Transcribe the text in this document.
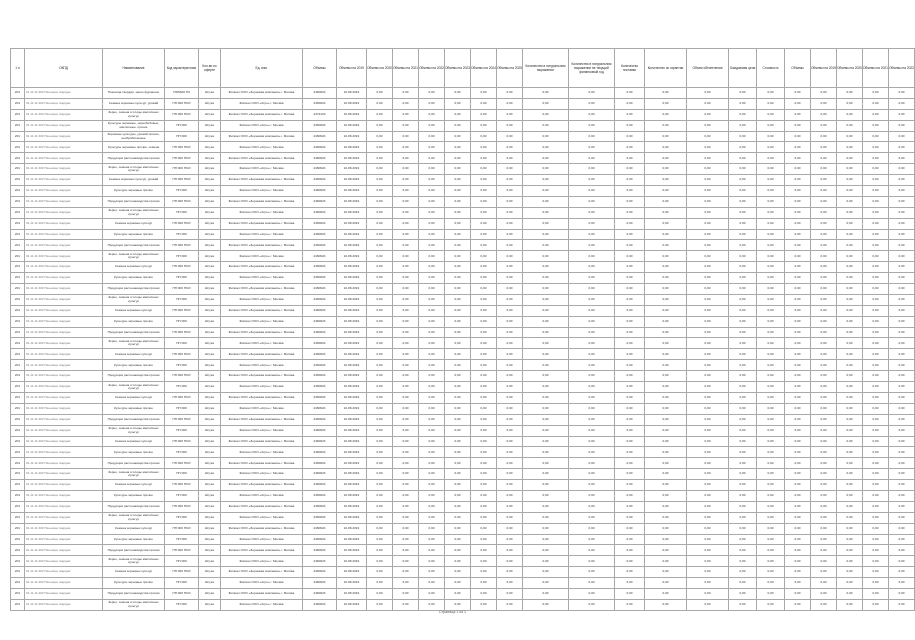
1 п	ОКПД	Наименование	Код характеристики	Кол-во по оферте	Ед. изм.	Объемы	Объемы на 2019	Объемы на 2020	Объемы на 2021	Объемы на 2022	Объемы на 2023	Объемы на 2024	Объемы на 2025	Количество в натуральном выражении	Количество в натуральном выражении на текущий финансовый год	Количество поставки	Количество по гарантии	Объем обеспечения	Ожидаемая цена	Стоимость	Объемы	Объемы на 2019	Объемы на 2020	Объемы на 2021	Объемы на 2022
201	01.11.11.000 Пшеница твердая	Пшеница твердая, зерно фуражное	7005400 ПЧ	Штука	Филиал ООО «Зерновая компания» г. Москва	2460624	10.08.2019	0,00	0,00	0,00	0,00	0,00	0,00	0,00	0,00	0,00	0,00	0,00	0,00	0,00	0,00	0,00	0,00	0,00	0,00
201	01.11.11.000 Пшеница твердая	Семена зерновых культур, урожай	НП 000 ПСИ	Штука	Филиал ООО «Агро» г. Москва	2460624	10.08.2019	0,00	0,00	0,00	0,00	0,00	0,00	0,00	0,00	0,00	0,00	0,00	0,00	0,00	0,00	0,00	0,00	0,00	0,00
201	01.11.11.000 Пшеница твердая	Зерно, семена и плоды масличных культур	НП 000 ПСИ	Штука	Филиал ООО «Зерновая компания» г. Москва	2479120	10.08.2019	0,00	0,00	0,00	0,00	0,00	0,00	0,00	0,00	0,00	0,00	0,00	0,00	0,00	0,00	0,00	0,00	0,00	0,00
201	01.11.11.000 Пшеница твердая	Культуры зерновые, зернобобовые, масличные, прочие	НП 000	Штука	Филиал ООО «Агро» г. Москва	2460624	10.08.2019	0,00	0,00	0,00	0,00	0,00	0,00	0,00	0,00	0,00	0,00	0,00	0,00	0,00	0,00	0,00	0,00	0,00	0,00
201	01.11.11.000 Пшеница твердая	Зерновые культуры, урожай прочие, необработанные	НП 000	Штука	Филиал ООО «Зерновая компания» г. Москва	2460624	10.08.2019	0,00	0,00	0,00	0,00	0,00	0,00	0,00	0,00	0,00	0,00	0,00	0,00	0,00	0,00	0,00	0,00	0,00	0,00
201	01.11.11.000 Пшеница твердая	Культуры зерновые прочие, семена	НП 000 ПСИ	Штука	Филиал ООО «Агро» г. Москва	2460624	10.08.2019	0,00	0,00	0,00	0,00	0,00	0,00	0,00	0,00	0,00	0,00	0,00	0,00	0,00	0,00	0,00	0,00	0,00	0,00
201	01.11.11.000 Пшеница твердая	Продукция растениеводства прочая	НП 000 ПСИ	Штука	Филиал ООО «Зерновая компания» г. Москва	2460624	10.08.2019	0,00	0,00	0,00	0,00	0,00	0,00	0,00	0,00	0,00	0,00	0,00	0,00	0,00	0,00	0,00	0,00	0,00	0,00
201	01.11.11.000 Пшеница твердая	Зерно, семена и плоды масличных культур	НП 000 ПСИ	Штука	Филиал ООО «Агро» г. Москва	2460624	10.08.2019	0,00	0,00	0,00	0,00	0,00	0,00	0,00	0,00	0,00	0,00	0,00	0,00	0,00	0,00	0,00	0,00	0,00	0,00
201	01.11.11.000 Пшеница твердая	Семена зерновых культур, урожай	НП 000 ПСИ	Штука	Филиал ООО «Зерновая компания» г. Москва	2460624	10.08.2019	0,00	0,00	0,00	0,00	0,00	0,00	0,00	0,00	0,00	0,00	0,00	0,00	0,00	0,00	0,00	0,00	0,00	0,00
201	01.11.11.000 Пшеница твердая	Культуры зерновые прочие	НП 000	Штука	Филиал ООО «Агро» г. Москва	2460624	10.08.2019	0,00	0,00	0,00	0,00	0,00	0,00	0,00	0,00	0,00	0,00	0,00	0,00	0,00	0,00	0,00	0,00	0,00	0,00
201	01.11.11.000 Пшеница твердая	Продукция растениеводства прочая	НП 000 ПСИ	Штука	Филиал ООО «Зерновая компания» г. Москва	2460624	10.08.2019	0,00	0,00	0,00	0,00	0,00	0,00	0,00	0,00	0,00	0,00	0,00	0,00	0,00	0,00	0,00	0,00	0,00	0,00
201	01.11.11.000 Пшеница твердая	Зерно, семена и плоды масличных культур	НП 000	Штука	Филиал ООО «Агро» г. Москва	2460624	10.08.2019	0,00	0,00	0,00	0,00	0,00	0,00	0,00	0,00	0,00	0,00	0,00	0,00	0,00	0,00	0,00	0,00	0,00	0,00
201	01.11.11.000 Пшеница твердая	Семена зерновых культур	НП 000 ПСИ	Штука	Филиал ООО «Зерновая компания» г. Москва	2460624	10.08.2019	0,00	0,00	0,00	0,00	0,00	0,00	0,00	0,00	0,00	0,00	0,00	0,00	0,00	0,00	0,00	0,00	0,00	0,00
201	01.11.11.000 Пшеница твердая	Культуры зерновые прочие	НП 000	Штука	Филиал ООО «Агро» г. Москва	2460624	10.08.2019	0,00	0,00	0,00	0,00	0,00	0,00	0,00	0,00	0,00	0,00	0,00	0,00	0,00	0,00	0,00	0,00	0,00	0,00
201	01.11.11.000 Пшеница твердая	Продукция растениеводства прочая	НП 000 ПСИ	Штука	Филиал ООО «Зерновая компания» г. Москва	2460624	10.08.2019	0,00	0,00	0,00	0,00	0,00	0,00	0,00	0,00	0,00	0,00	0,00	0,00	0,00	0,00	0,00	0,00	0,00	0,00
201	01.11.11.000 Пшеница твердая	Зерно, семена и плоды масличных культур	НП 000	Штука	Филиал ООО «Агро» г. Москва	2460624	10.08.2019	0,00	0,00	0,00	0,00	0,00	0,00	0,00	0,00	0,00	0,00	0,00	0,00	0,00	0,00	0,00	0,00	0,00	0,00
201	01.11.11.000 Пшеница твердая	Семена зерновых культур	НП 000 ПСИ	Штука	Филиал ООО «Зерновая компания» г. Москва	2460624	10.08.2019	0,00	0,00	0,00	0,00	0,00	0,00	0,00	0,00	0,00	0,00	0,00	0,00	0,00	0,00	0,00	0,00	0,00	0,00
201	01.11.11.000 Пшеница твердая	Культуры зерновые прочие	НП 000	Штука	Филиал ООО «Агро» г. Москва	2460624	10.08.2019	0,00	0,00	0,00	0,00	0,00	0,00	0,00	0,00	0,00	0,00	0,00	0,00	0,00	0,00	0,00	0,00	0,00	0,00
201	01.11.11.000 Пшеница твердая	Продукция растениеводства прочая	НП 000 ПСИ	Штука	Филиал ООО «Зерновая компания» г. Москва	2460624	10.08.2019	0,00	0,00	0,00	0,00	0,00	0,00	0,00	0,00	0,00	0,00	0,00	0,00	0,00	0,00	0,00	0,00	0,00	0,00
201	01.11.11.000 Пшеница твердая	Зерно, семена и плоды масличных культур	НП 000	Штука	Филиал ООО «Агро» г. Москва	2460624	10.08.2019	0,00	0,00	0,00	0,00	0,00	0,00	0,00	0,00	0,00	0,00	0,00	0,00	0,00	0,00	0,00	0,00	0,00	0,00
201	01.11.11.000 Пшеница твердая	Семена зерновых культур	НП 000 ПСИ	Штука	Филиал ООО «Зерновая компания» г. Москва	2460624	10.08.2019	0,00	0,00	0,00	0,00	0,00	0,00	0,00	0,00	0,00	0,00	0,00	0,00	0,00	0,00	0,00	0,00	0,00	0,00
201	01.11.11.000 Пшеница твердая	Культуры зерновые прочие	НП 000	Штука	Филиал ООО «Агро» г. Москва	2460624	10.08.2019	0,00	0,00	0,00	0,00	0,00	0,00	0,00	0,00	0,00	0,00	0,00	0,00	0,00	0,00	0,00	0,00	0,00	0,00
201	01.11.11.000 Пшеница твердая	Продукция растениеводства прочая	НП 000 ПСИ	Штука	Филиал ООО «Зерновая компания» г. Москва	2460624	10.08.2019	0,00	0,00	0,00	0,00	0,00	0,00	0,00	0,00	0,00	0,00	0,00	0,00	0,00	0,00	0,00	0,00	0,00	0,00
201	01.11.11.000 Пшеница твердая	Зерно, семена и плоды масличных культур	НП 000	Штука	Филиал ООО «Агро» г. Москва	2460624	10.08.2019	0,00	0,00	0,00	0,00	0,00	0,00	0,00	0,00	0,00	0,00	0,00	0,00	0,00	0,00	0,00	0,00	0,00	0,00
201	01.11.11.000 Пшеница твердая	Семена зерновых культур	НП 000 ПСИ	Штука	Филиал ООО «Зерновая компания» г. Москва	2460624	10.08.2019	0,00	0,00	0,00	0,00	0,00	0,00	0,00	0,00	0,00	0,00	0,00	0,00	0,00	0,00	0,00	0,00	0,00	0,00
201	01.11.11.000 Пшеница твердая	Культуры зерновые прочие	НП 000	Штука	Филиал ООО «Агро» г. Москва	2460624	10.08.2019	0,00	0,00	0,00	0,00	0,00	0,00	0,00	0,00	0,00	0,00	0,00	0,00	0,00	0,00	0,00	0,00	0,00	0,00
201	01.11.11.000 Пшеница твердая	Продукция растениеводства прочая	НП 000 ПСИ	Штука	Филиал ООО «Зерновая компания» г. Москва	2460624	10.08.2019	0,00	0,00	0,00	0,00	0,00	0,00	0,00	0,00	0,00	0,00	0,00	0,00	0,00	0,00	0,00	0,00	0,00	0,00
201	01.11.11.000 Пшеница твердая	Зерно, семена и плоды масличных культур	НП 000	Штука	Филиал ООО «Агро» г. Москва	2460624	10.08.2019	0,00	0,00	0,00	0,00	0,00	0,00	0,00	0,00	0,00	0,00	0,00	0,00	0,00	0,00	0,00	0,00	0,00	0,00
201	01.11.11.000 Пшеница твердая	Семена зерновых культур	НП 000 ПСИ	Штука	Филиал ООО «Зерновая компания» г. Москва	2460624	10.08.2019	0,00	0,00	0,00	0,00	0,00	0,00	0,00	0,00	0,00	0,00	0,00	0,00	0,00	0,00	0,00	0,00	0,00	0,00
201	01.11.11.000 Пшеница твердая	Культуры зерновые прочие	НП 000	Штука	Филиал ООО «Агро» г. Москва	2460624	10.08.2019	0,00	0,00	0,00	0,00	0,00	0,00	0,00	0,00	0,00	0,00	0,00	0,00	0,00	0,00	0,00	0,00	0,00	0,00
201	01.11.11.000 Пшеница твердая	Продукция растениеводства прочая	НП 000 ПСИ	Штука	Филиал ООО «Зерновая компания» г. Москва	2460624	10.08.2019	0,00	0,00	0,00	0,00	0,00	0,00	0,00	0,00	0,00	0,00	0,00	0,00	0,00	0,00	0,00	0,00	0,00	0,00
201	01.11.11.000 Пшеница твердая	Зерно, семена и плоды масличных культур	НП 000	Штука	Филиал ООО «Агро» г. Москва	2460624	10.08.2019	0,00	0,00	0,00	0,00	0,00	0,00	0,00	0,00	0,00	0,00	0,00	0,00	0,00	0,00	0,00	0,00	0,00	0,00
201	01.11.11.000 Пшеница твердая	Семена зерновых культур	НП 000 ПСИ	Штука	Филиал ООО «Зерновая компания» г. Москва	2460624	10.08.2019	0,00	0,00	0,00	0,00	0,00	0,00	0,00	0,00	0,00	0,00	0,00	0,00	0,00	0,00	0,00	0,00	0,00	0,00
201	01.11.11.000 Пшеница твердая	Культуры зерновые прочие	НП 000	Штука	Филиал ООО «Агро» г. Москва	2460624	10.08.2019	0,00	0,00	0,00	0,00	0,00	0,00	0,00	0,00	0,00	0,00	0,00	0,00	0,00	0,00	0,00	0,00	0,00	0,00
201	01.11.11.000 Пшеница твердая	Продукция растениеводства прочая	НП 000 ПСИ	Штука	Филиал ООО «Зерновая компания» г. Москва	2460624	10.08.2019	0,00	0,00	0,00	0,00	0,00	0,00	0,00	0,00	0,00	0,00	0,00	0,00	0,00	0,00	0,00	0,00	0,00	0,00
201	01.11.11.000 Пшеница твердая	Зерно, семена и плоды масличных культур	НП 000	Штука	Филиал ООО «Агро» г. Москва	2460624	10.08.2019	0,00	0,00	0,00	0,00	0,00	0,00	0,00	0,00	0,00	0,00	0,00	0,00	0,00	0,00	0,00	0,00	0,00	0,00
201	01.11.11.000 Пшеница твердая	Семена зерновых культур	НП 000 ПСИ	Штука	Филиал ООО «Зерновая компания» г. Москва	2460624	10.08.2019	0,00	0,00	0,00	0,00	0,00	0,00	0,00	0,00	0,00	0,00	0,00	0,00	0,00	0,00	0,00	0,00	0,00	0,00
201	01.11.11.000 Пшеница твердая	Культуры зерновые прочие	НП 000	Штука	Филиал ООО «Агро» г. Москва	2460624	10.08.2019	0,00	0,00	0,00	0,00	0,00	0,00	0,00	0,00	0,00	0,00	0,00	0,00	0,00	0,00	0,00	0,00	0,00	0,00
201	01.11.11.000 Пшеница твердая	Продукция растениеводства прочая	НП 000 ПСИ	Штука	Филиал ООО «Зерновая компания» г. Москва	2460624	10.08.2019	0,00	0,00	0,00	0,00	0,00	0,00	0,00	0,00	0,00	0,00	0,00	0,00	0,00	0,00	0,00	0,00	0,00	0,00
201	01.11.11.000 Пшеница твердая	Зерно, семена и плоды масличных культур	НП 000	Штука	Филиал ООО «Агро» г. Москва	2460624	10.08.2019	0,00	0,00	0,00	0,00	0,00	0,00	0,00	0,00	0,00	0,00	0,00	0,00	0,00	0,00	0,00	0,00	0,00	0,00
201	01.11.11.000 Пшеница твердая	Семена зерновых культур	НП 000 ПСИ	Штука	Филиал ООО «Зерновая компания» г. Москва	2460624	10.08.2019	0,00	0,00	0,00	0,00	0,00	0,00	0,00	0,00	0,00	0,00	0,00	0,00	0,00	0,00	0,00	0,00	0,00	0,00
201	01.11.11.000 Пшеница твердая	Культуры зерновые прочие	НП 000	Штука	Филиал ООО «Агро» г. Москва	2460624	10.08.2019	0,00	0,00	0,00	0,00	0,00	0,00	0,00	0,00	0,00	0,00	0,00	0,00	0,00	0,00	0,00	0,00	0,00	0,00
201	01.11.11.000 Пшеница твердая	Продукция растениеводства прочая	НП 000 ПСИ	Штука	Филиал ООО «Зерновая компания» г. Москва	2460624	10.08.2019	0,00	0,00	0,00	0,00	0,00	0,00	0,00	0,00	0,00	0,00	0,00	0,00	0,00	0,00	0,00	0,00	0,00	0,00
201	01.11.11.000 Пшеница твердая	Зерно, семена и плоды масличных культур	НП 000	Штука	Филиал ООО «Агро» г. Москва	2460624	10.08.2019	0,00	0,00	0,00	0,00	0,00	0,00	0,00	0,00	0,00	0,00	0,00	0,00	0,00	0,00	0,00	0,00	0,00	0,00
201	01.11.11.000 Пшеница твердая	Семена зерновых культур	НП 000 ПСИ	Штука	Филиал ООО «Зерновая компания» г. Москва	2460624	10.08.2019	0,00	0,00	0,00	0,00	0,00	0,00	0,00	0,00	0,00	0,00	0,00	0,00	0,00	0,00	0,00	0,00	0,00	0,00
201	01.11.11.000 Пшеница твердая	Культуры зерновые прочие	НП 000	Штука	Филиал ООО «Агро» г. Москва	2460624	10.08.2019	0,00	0,00	0,00	0,00	0,00	0,00	0,00	0,00	0,00	0,00	0,00	0,00	0,00	0,00	0,00	0,00	0,00	0,00
201	01.11.11.000 Пшеница твердая	Продукция растениеводства прочая	НП 000 ПСИ	Штука	Филиал ООО «Зерновая компания» г. Москва	2460624	10.08.2019	0,00	0,00	0,00	0,00	0,00	0,00	0,00	0,00	0,00	0,00	0,00	0,00	0,00	0,00	0,00	0,00	0,00	0,00
201	01.11.11.000 Пшеница твердая	Зерно, семена и плоды масличных культур	НП 000	Штука	Филиал ООО «Агро» г. Москва	2460624	10.08.2019	0,00	0,00	0,00	0,00	0,00	0,00	0,00	0,00	0,00	0,00	0,00	0,00	0,00	0,00	0,00	0,00	0,00	0,00
Страница 1 из 1
